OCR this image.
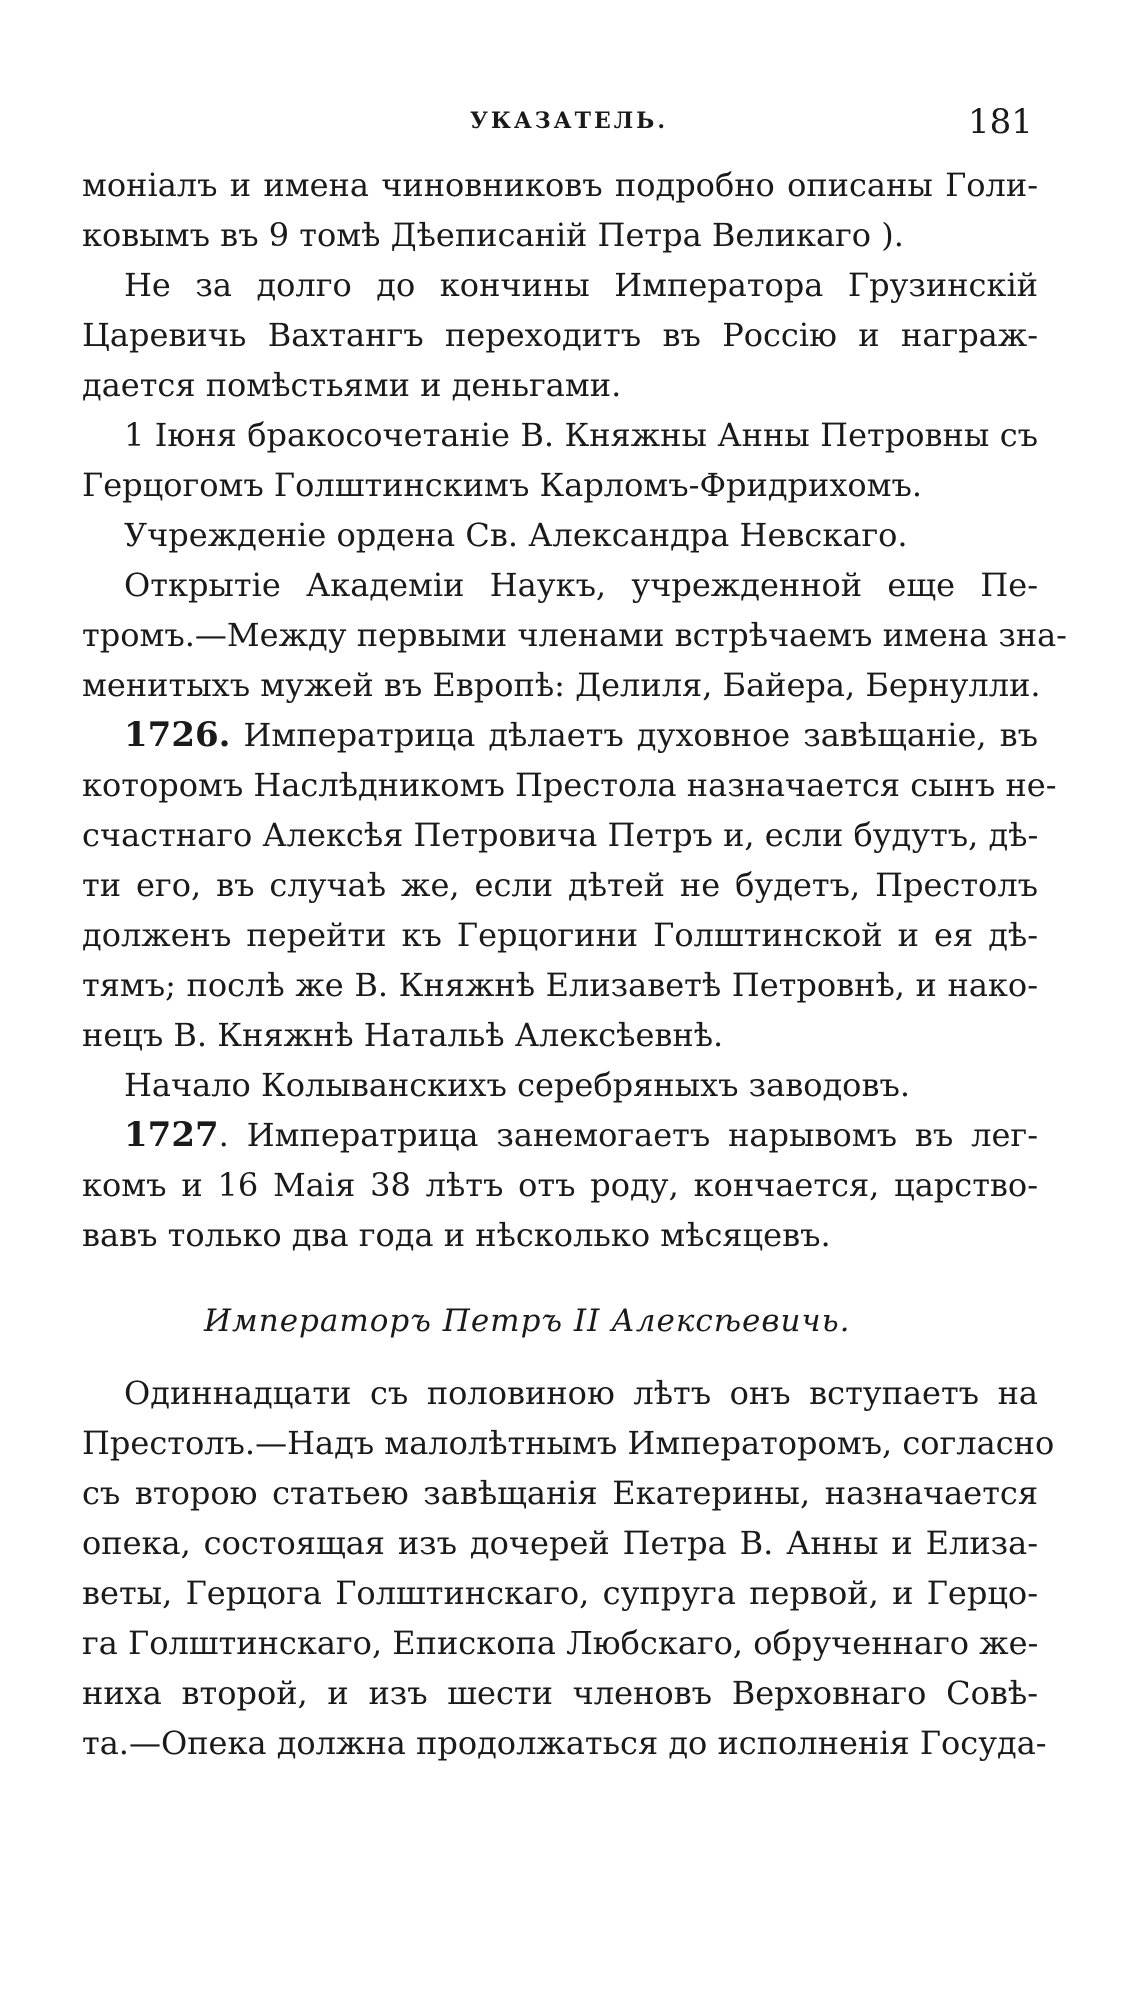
УКАЗАТЕЛЬ.	181
моніалъ и имена чиновниковъ подробно описаны Голи-
ковымъ въ 9 томѣ Дѣеписаній Петра Великаго ).
Не за долго до кончины Императора Грузинскій
Царевичь Вахтангъ переходитъ въ Россію и награж-
дается помѣстьями и деньгами.
1 Іюня бракосочетаніе В. Княжны Анны Петровны съ
Герцогомъ Голштинскимъ Карломъ-Фридрихомъ.
Учрежденіе ордена Св. Александра Невскаго.
Открытіе Академіи Наукъ, учрежденной еще Пе-
тромъ.—Между первыми членами встрѣчаемъ имена зна-
менитыхъ мужей въ Европѣ: Делиля, Байера, Бернулли.
1726. Императрица дѣлаетъ духовное завѣщаніе, въ
которомъ Наслѣдникомъ Престола назначается сынъ не-
счастнаго Алексѣя Петровича Петръ и, если будутъ, дѣ-
ти его, въ случаѣ же, если дѣтей не будетъ, Престолъ
долженъ перейти къ Герцогини Голштинской и ея дѣ-
тямъ; послѣ же В. Княжнѣ Елизаветѣ Петровнѣ, и нако-
нецъ В. Княжнѣ Натальѣ Алексѣевнѣ.
Начало Колыванскихъ серебряныхъ заводовъ.
1727. Императрица занемогаетъ нарывомъ въ лег-
комъ и 16 Маія 38 лѣтъ отъ роду, кончается, царство-
вавъ только два года и нѣсколько мѣсяцевъ.
Императоръ Петръ II Алексѣевичь.
Одиннадцати съ половиною лѣтъ онъ вступаетъ на
Престолъ.—Надъ малолѣтнымъ Императоромъ, согласно
съ второю статьею завѣщанія Екатерины, назначается
опека, состоящая изъ дочерей Петра В. Анны и Елиза-
веты, Герцога Голштинскаго, супруга первой, и Герцо-
га Голштинскаго, Епископа Любскаго, обрученнаго же-
ниха второй, и изъ шести членовъ Верховнаго Совѣ-
та.—Опека должна продолжаться до исполненія Госуда-
